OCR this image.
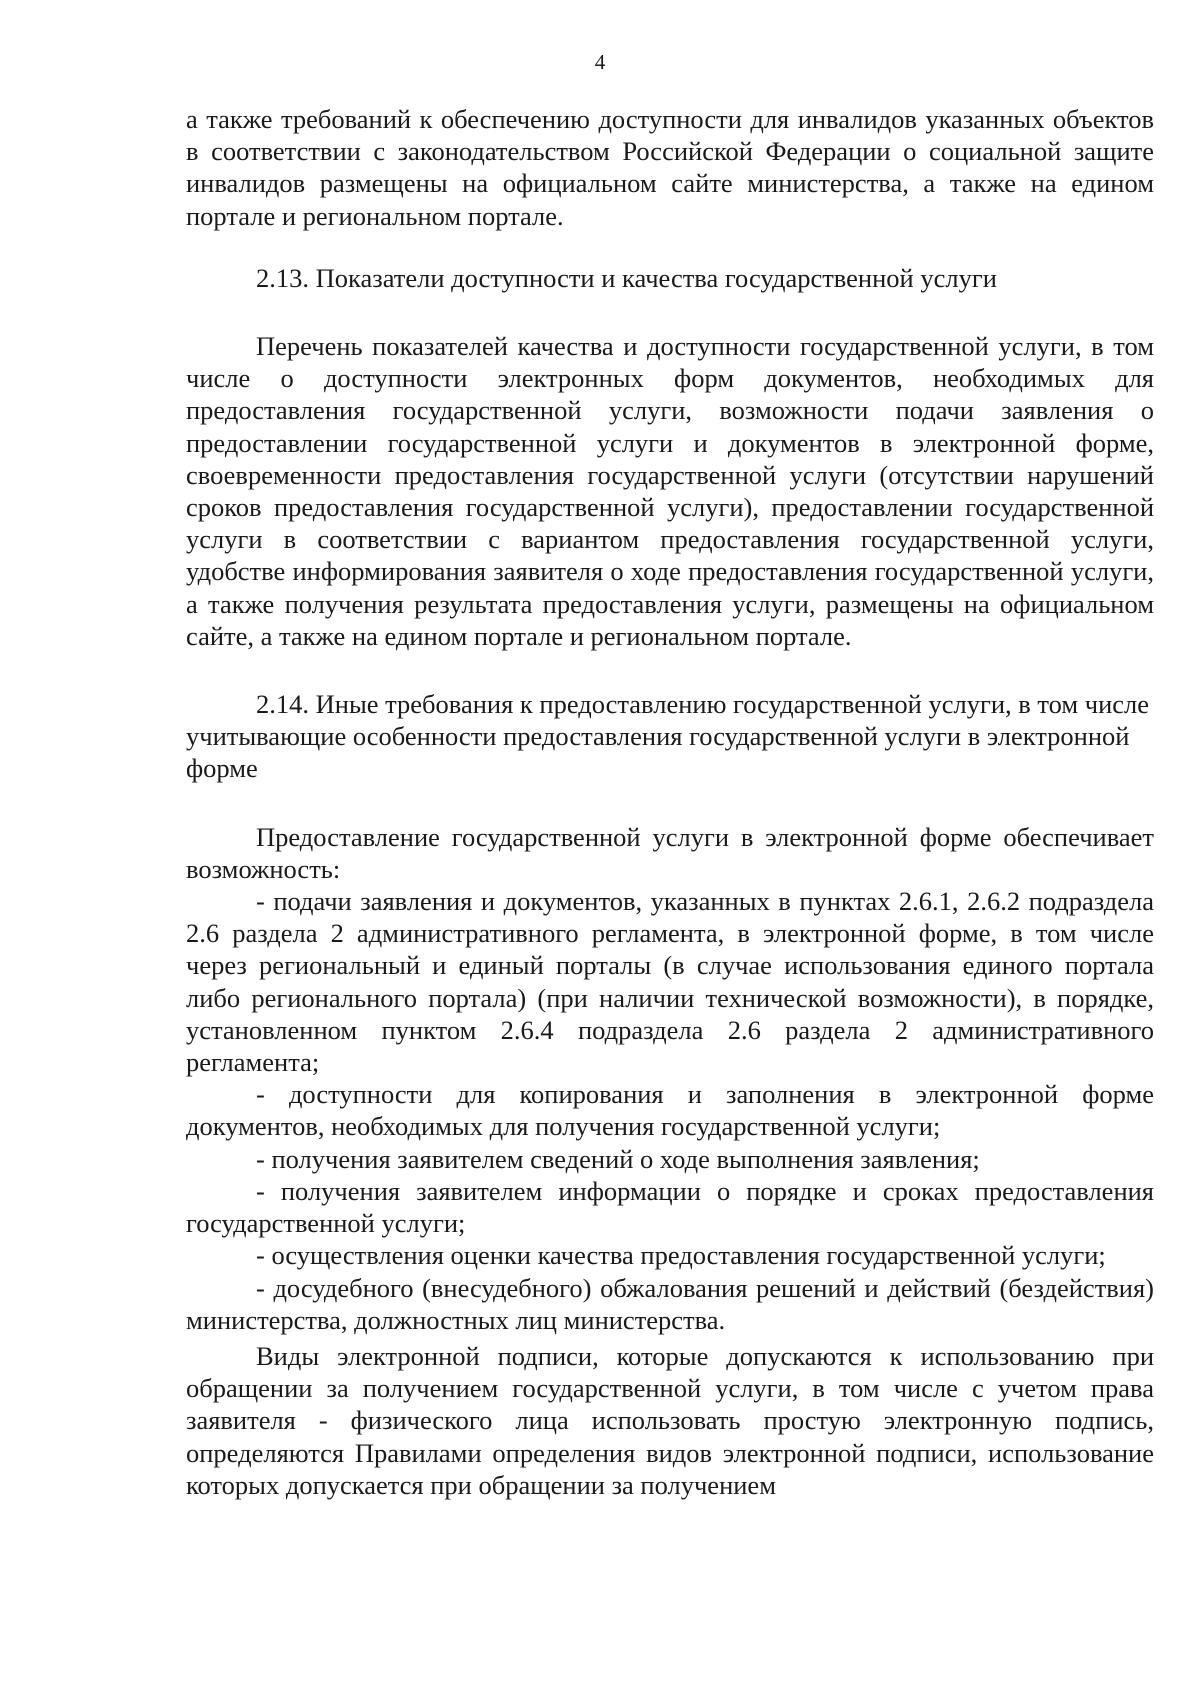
4

а также требований к обеспечению доступности для инвалидов указанных объектов в соответствии с законодательством Российской Федерации о социальной защите инвалидов размещены на официальном сайте министерства, а также на едином портале и региональном портале.

2.13. Показатели доступности и качества государственной услуги

Перечень показателей качества и доступности государственной услуги, в том числе о доступности электронных форм документов, необходимых для предоставления государственной услуги, возможности подачи заявления о предоставлении государственной услуги и документов в электронной форме, своевременности предоставления государственной услуги (отсутствии нарушений сроков предоставления государственной услуги), предоставлении государственной услуги в соответствии с вариантом предоставления государственной услуги, удобстве информирования заявителя о ходе предоставления государственной услуги, а также получения результата предоставления услуги, размещены на официальном сайте, а также на едином портале и региональном портале.

2.14. Иные требования к предоставлению государственной услуги, в том числе учитывающие особенности предоставления государственной услуги в электронной форме

Предоставление государственной услуги в электронной форме обеспечивает возможность:

- подачи заявления и документов, указанных в пунктах 2.6.1, 2.6.2 подраздела 2.6 раздела 2 административного регламента, в электронной форме, в том числе через региональный и единый порталы (в случае использования единого портала либо регионального портала) (при наличии технической возможности), в порядке, установленном пунктом 2.6.4 подраздела 2.6 раздела 2 административного регламента;

- доступности для копирования и заполнения в электронной форме документов, необходимых для получения государственной услуги;

- получения заявителем сведений о ходе выполнения заявления;

- получения заявителем информации о порядке и сроках предоставления государственной услуги;

- осуществления оценки качества предоставления государственной услуги;

- досудебного (внесудебного) обжалования решений и действий (бездействия) министерства, должностных лиц министерства.

Виды электронной подписи, которые допускаются к использованию при обращении за получением государственной услуги, в том числе с учетом права заявителя - физического лица использовать простую электронную подпись, определяются Правилами определения видов электронной подписи, использование которых допускается при обращении за получением
